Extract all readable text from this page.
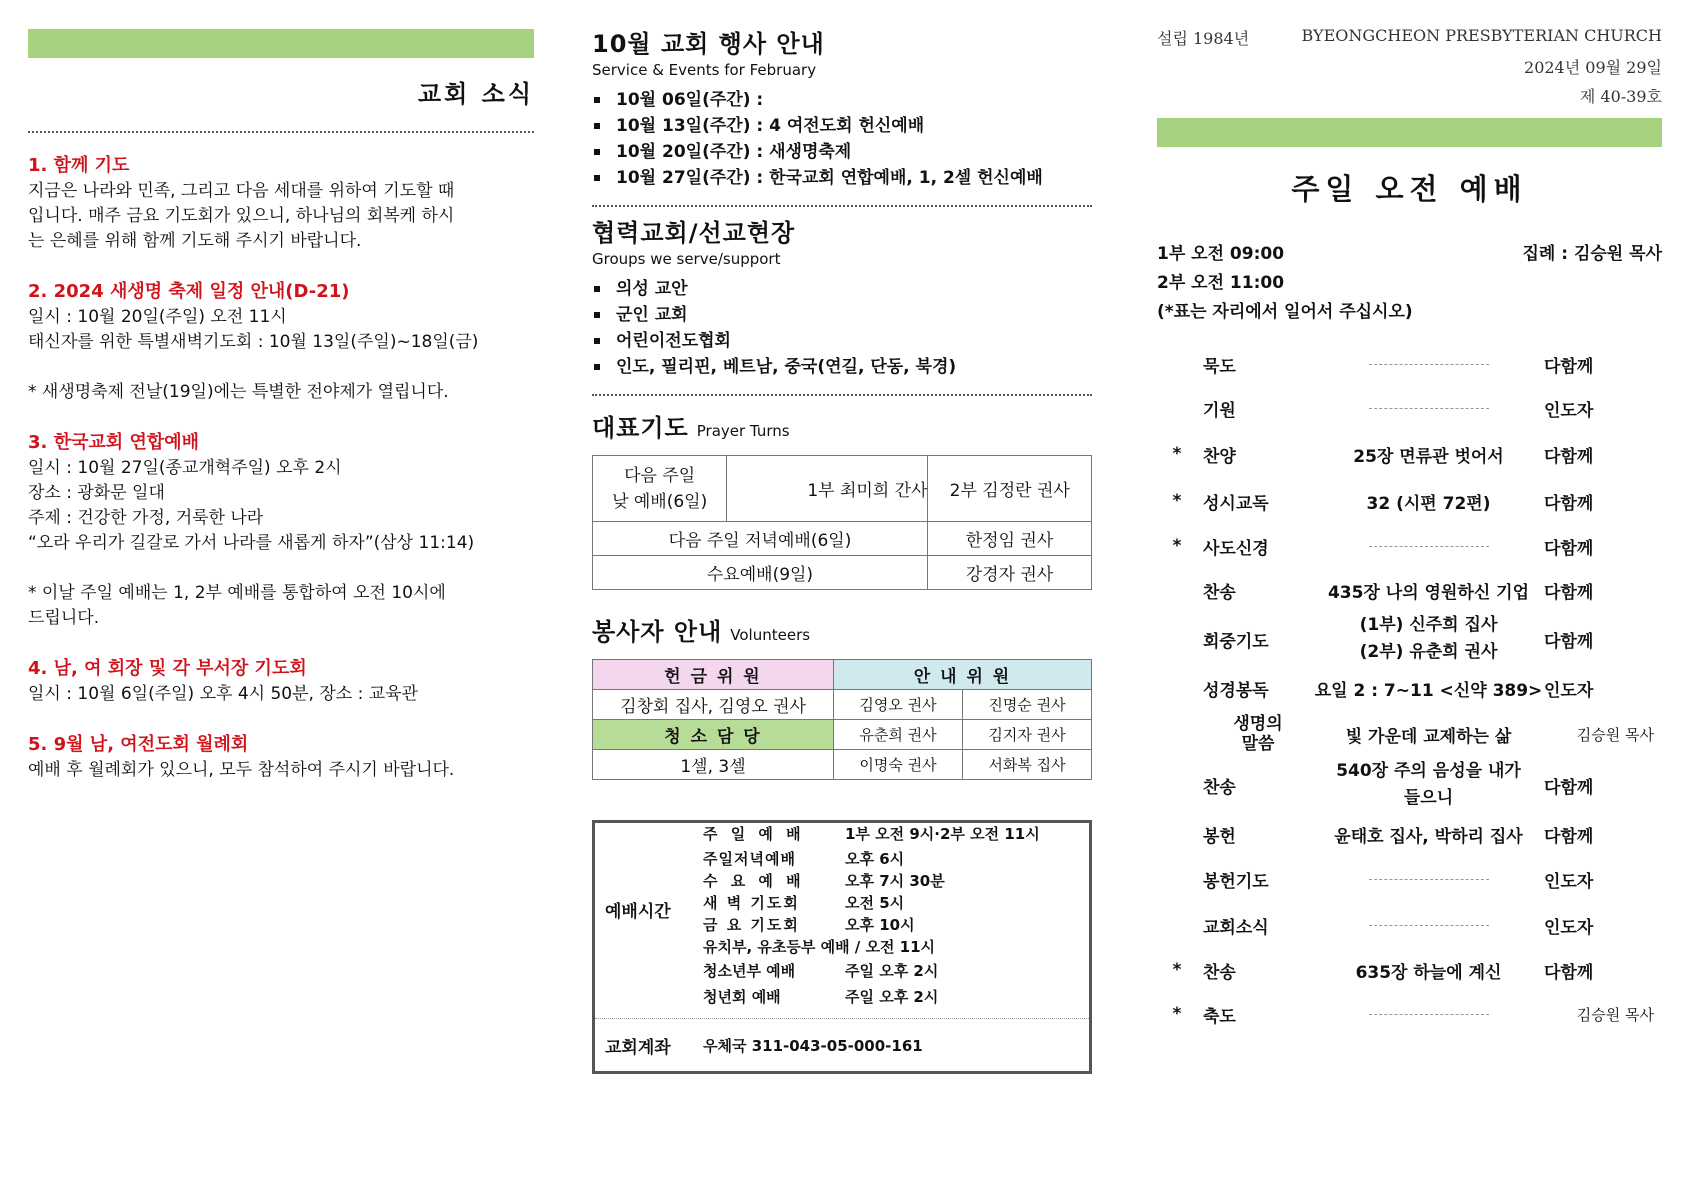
교회 소식
1. 함께 기도

지금은 나라와 민족, 그리고 다음 세대를 위하여 기도할 때

입니다. 매주 금요 기도회가 있으니, 하나님의 회복케 하시

는 은혜를 위해 함께 기도해 주시기 바랍니다.

2. 2024 새생명 축제 일정 안내(D-21)

일시 : 10월 20일(주일) 오전 11시

태신자를 위한 특별새벽기도회 : 10월 13일(주일)~18일(금)

* 새생명축제 전날(19일)에는 특별한 전야제가 열립니다.

3. 한국교회 연합예배

일시 : 10월 27일(종교개혁주일) 오후 2시

장소 : 광화문 일대

주제 : 건강한 가정, 거룩한 나라

“오라 우리가 길갈로 가서 나라를 새롭게 하자”(삼상 11:14)

* 이날 주일 예배는 1, 2부 예배를 통합하여 오전 10시에

드립니다.

4. 남, 여 회장 및 각 부서장 기도회

일시 : 10월 6일(주일) 오후 4시 50분, 장소 : 교육관

5. 9월 남, 여전도회 월례회

예배 후 월례회가 있으니, 모두 참석하여 주시기 바랍니다.

10월 교회 행사 안내
Service & Events for February
10월 06일(주간) :
10월 13일(주간) : 4 여전도회 헌신예배
10월 20일(주간) : 새생명축제
10월 27일(주간) : 한국교회 연합예배, 1, 2셀 헌신예배
협력교회/선교현장
Groups we serve/support
의성 교안
군인 교회
어린이전도협회
인도, 필리핀, 베트남, 중국(연길, 단동, 북경)
대표기도 Prayer Turns
다음 주일
낮 예배(6일)	1부 최미희 간사		2부 김정란 권사
다음 주일 저녁예배(6일)		한정임 권사
수요예배(9일)		강경자 권사
봉사자 안내 Volunteers
헌 금 위 원	안 내 위 원	
김창회 집사, 김영오 권사	김영오 권사	진명순 권사
청 소 담 당	유춘희 권사	김지자 권사
1셀, 3셀	이명숙 권사	서화복 집사
예배시간
주 일 예 배	1부 오전 9시·2부 오전 11시
주일저녁예배	오후 6시
수 요 예 배	오후 7시 30분
새 벽 기도회	오전 5시
금 요 기도회	오후 10시
유치부, 유초등부 예배 / 오전 11시
청소년부 예배	주일 오후 2시
청년회 예배	주일 오후 2시
교회계좌 우체국 311-043-05-000-161
설립 1984년	BYEONGCHEON PRESBYTERIAN CHURCH
2024년 09월 29일
제 40-39호
주일 오전 예배
1부 오전 09:00
2부 오전 11:00
(*표는 자리에서 일어서 주십시오)
집례 : 김승원 목사
		묵도		다함께
		기원		인도자
*		찬양	25장 면류관 벗어서	다함께
*		성시교독	32 (시편 72편)	다함께
*		사도신경		다함께
		찬송	435장 나의 영원하신 기업	다함께
		회중기도	(1부) 신주희 집사
(2부) 유춘희 권사	다함께
		성경봉독	요일 2 : 7~11 <신약 389>	인도자

		생명의
말씀	빛 가운데 교제하는 삶	김승원 목사
		찬송	540장 주의 음성을 내가
들으니	다함께
		봉헌	윤태호 집사, 박하리 집사	다함께
		봉헌기도		인도자
		교회소식		인도자
*		찬송	635장 하늘에 계신	다함께
*		축도		김승원 목사
